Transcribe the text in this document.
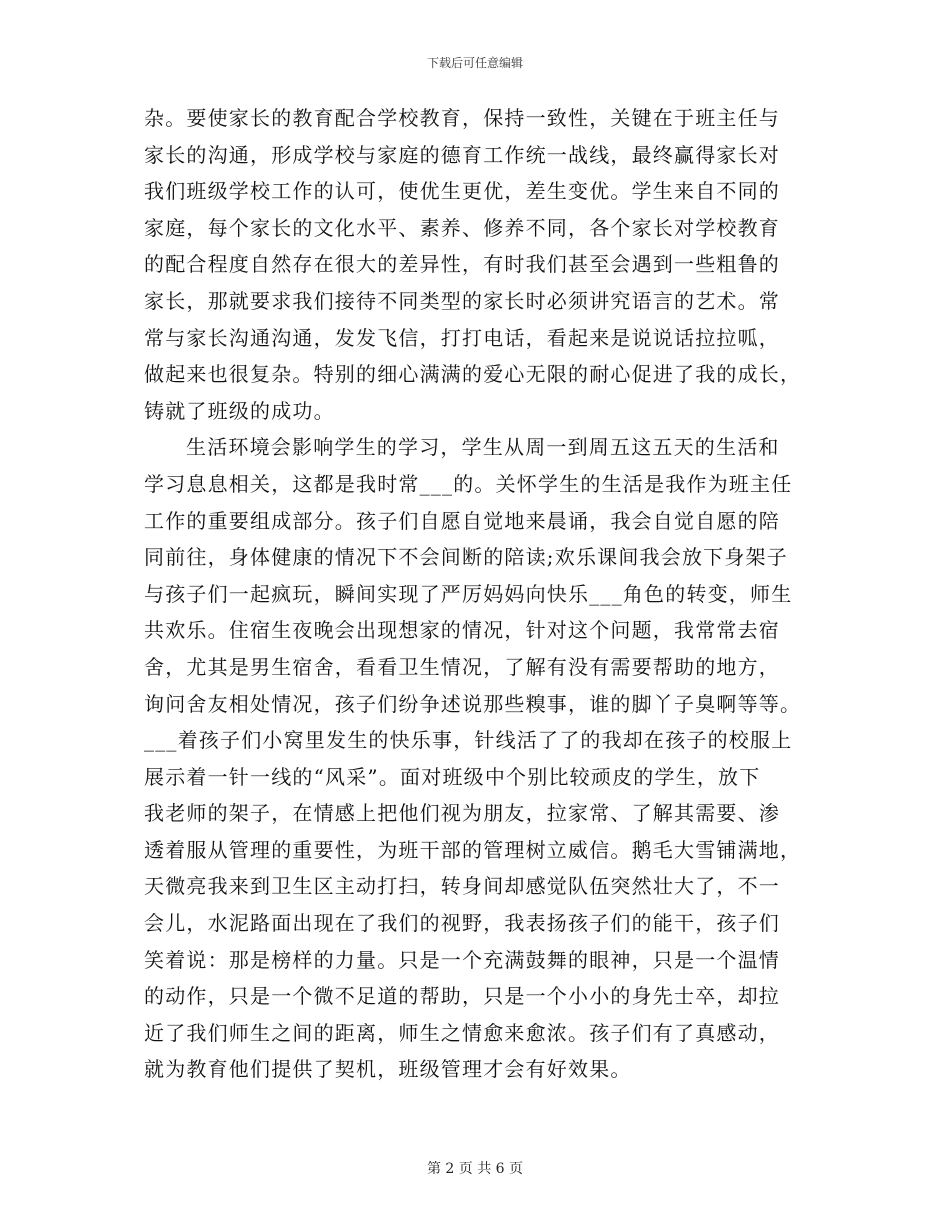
下载后可任意编辑
杂。要使家长的教育配合学校教育，保持一致性，关键在于班主任与
家长的沟通，形成学校与家庭的德育工作统一战线，最终赢得家长对
我们班级学校工作的认可，使优生更优，差生变优。学生来自不同的
家庭，每个家长的文化水平、素养、修养不同，各个家长对学校教育
的配合程度自然存在很大的差异性，有时我们甚至会遇到一些粗鲁的
家长，那就要求我们接待不同类型的家长时必须讲究语言的艺术。常
常与家长沟通沟通，发发飞信，打打电话，看起来是说说话拉拉呱，
做起来也很复杂。特别的细心满满的爱心无限的耐心促进了我的成长，
铸就了班级的成功。
生活环境会影响学生的学习，学生从周一到周五这五天的生活和
学习息息相关，这都是我时常___的。关怀学生的生活是我作为班主任
工作的重要组成部分。孩子们自愿自觉地来晨诵，我会自觉自愿的陪
同前往，身体健康的情况下不会间断的陪读;欢乐课间我会放下身架子
与孩子们一起疯玩，瞬间实现了严厉妈妈向快乐___角色的转变，师生
共欢乐。住宿生夜晚会出现想家的情况，针对这个问题，我常常去宿
舍，尤其是男生宿舍，看看卫生情况，了解有没有需要帮助的地方，
询问舍友相处情况，孩子们纷争述说那些糗事，谁的脚丫子臭啊等等。
___着孩子们小窝里发生的快乐事，针线活了了的我却在孩子的校服上
展示着一针一线的“风采”。面对班级中个别比较顽皮的学生，放下
我老师的架子，在情感上把他们视为朋友，拉家常、了解其需要、渗
透着服从管理的重要性，为班干部的管理树立威信。鹅毛大雪铺满地，
天微亮我来到卫生区主动打扫，转身间却感觉队伍突然壮大了，不一
会儿，水泥路面出现在了我们的视野，我表扬孩子们的能干，孩子们
笑着说：那是榜样的力量。只是一个充满鼓舞的眼神，只是一个温情
的动作，只是一个微不足道的帮助，只是一个小小的身先士卒，却拉
近了我们师生之间的距离，师生之情愈来愈浓。孩子们有了真感动，
就为教育他们提供了契机，班级管理才会有好效果。
第 2 页 共 6 页
